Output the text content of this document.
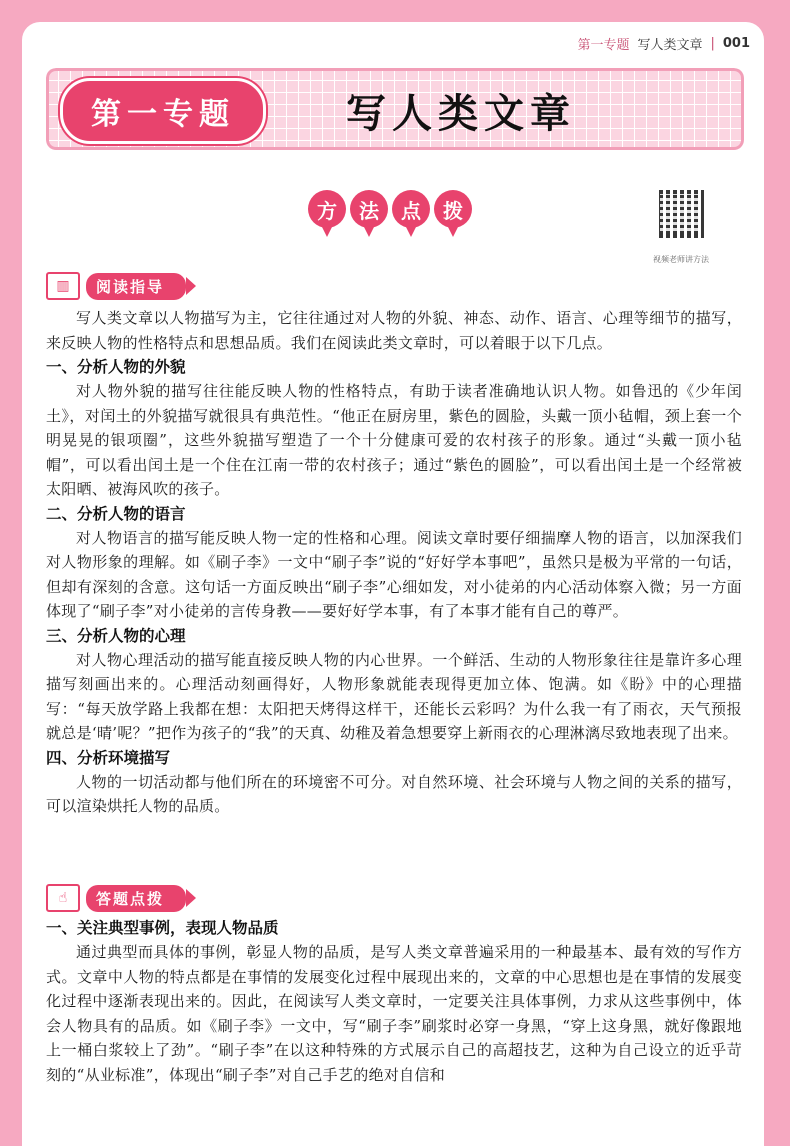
第一专题 写人类文章 | 001
第一专题	写人类文章
方	法	点	拨
视频老师讲方法
▥	阅读指导

写人类文章以人物描写为主，它往往通过对人物的外貌、神态、动作、语言、心理等细节的描写，来反映人物的性格特点和思想品质。我们在阅读此类文章时，可以着眼于以下几点。

一、分析人物的外貌

对人物外貌的描写往往能反映人物的性格特点，有助于读者准确地认识人物。如鲁迅的《少年闰土》，对闰土的外貌描写就很具有典范性。“他正在厨房里，紫色的圆脸，头戴一顶小毡帽，颈上套一个明晃晃的银项圈”，这些外貌描写塑造了一个十分健康可爱的农村孩子的形象。通过“头戴一顶小毡帽”，可以看出闰土是一个住在江南一带的农村孩子；通过“紫色的圆脸”，可以看出闰土是一个经常被太阳晒、被海风吹的孩子。

二、分析人物的语言

对人物语言的描写能反映人物一定的性格和心理。阅读文章时要仔细揣摩人物的语言，以加深我们对人物形象的理解。如《刷子李》一文中“刷子李”说的“好好学本事吧”，虽然只是极为平常的一句话，但却有深刻的含意。这句话一方面反映出“刷子李”心细如发，对小徒弟的内心活动体察入微；另一方面体现了“刷子李”对小徒弟的言传身教——要好好学本事，有了本事才能有自己的尊严。

三、分析人物的心理

对人物心理活动的描写能直接反映人物的内心世界。一个鲜活、生动的人物形象往往是靠许多心理描写刻画出来的。心理活动刻画得好，人物形象就能表现得更加立体、饱满。如《盼》中的心理描写：“每天放学路上我都在想：太阳把天烤得这样干，还能长云彩吗？为什么我一有了雨衣，天气预报就总是‘晴’呢？”把作为孩子的“我”的天真、幼稚及着急想要穿上新雨衣的心理淋漓尽致地表现了出来。

四、分析环境描写

人物的一切活动都与他们所在的环境密不可分。对自然环境、社会环境与人物之间的关系的描写，可以渲染烘托人物的品质。

☝	答题点拨

一、关注典型事例，表现人物品质

通过典型而具体的事例，彰显人物的品质，是写人类文章普遍采用的一种最基本、最有效的写作方式。文章中人物的特点都是在事情的发展变化过程中展现出来的，文章的中心思想也是在事情的发展变化过程中逐渐表现出来的。因此，在阅读写人类文章时，一定要关注具体事例，力求从这些事例中，体会人物具有的品质。如《刷子李》一文中，写“刷子李”刷浆时必穿一身黑，“穿上这身黑，就好像跟地上一桶白浆较上了劲”。“刷子李”在以这种特殊的方式展示自己的高超技艺，这种为自己设立的近乎苛刻的“从业标准”，体现出“刷子李”对自己手艺的绝对自信和
